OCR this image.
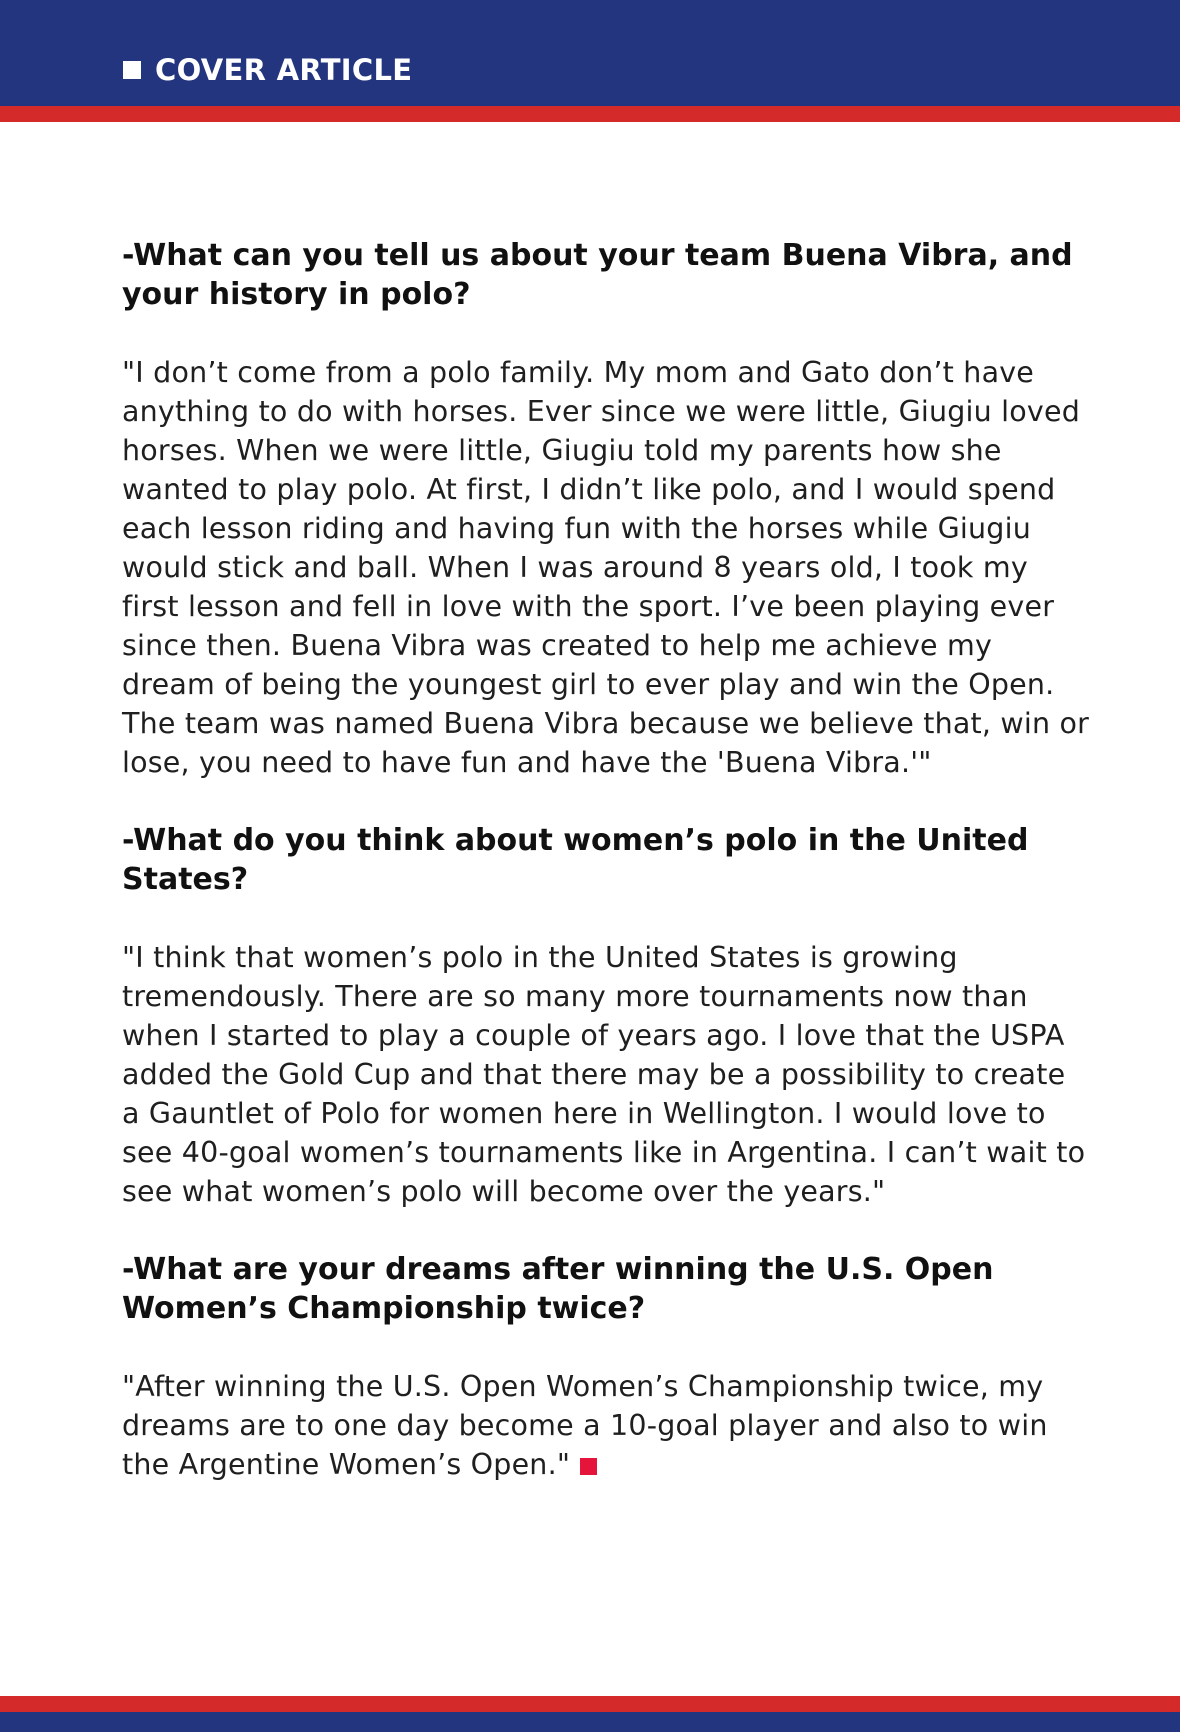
COVER ARTICLE

-What can you tell us about your team Buena Vibra, and your history in polo?

"I don’t come from a polo family. My mom and Gato don’t have anything to do with horses. Ever since we were little, Giugiu loved horses. When we were little, Giugiu told my parents how she wanted to play polo. At first, I didn’t like polo, and I would spend each lesson riding and having fun with the horses while Giugiu would stick and ball. When I was around 8 years old, I took my first lesson and fell in love with the sport. I’ve been playing ever since then. Buena Vibra was created to help me achieve my dream of being the youngest girl to ever play and win the Open. The team was named Buena Vibra because we believe that, win or lose, you need to have fun and have the 'Buena Vibra.'"

-What do you think about women’s polo in the United States?

"I think that women’s polo in the United States is growing tremendously. There are so many more tournaments now than when I started to play a couple of years ago. I love that the USPA added the Gold Cup and that there may be a possibility to create a Gauntlet of Polo for women here in Wellington. I would love to see 40-goal women’s tournaments like in Argentina. I can’t wait to see what women’s polo will become over the years."

-What are your dreams after winning the U.S. Open Women’s Championship twice?

"After winning the U.S. Open Women’s Championship twice, my dreams are to one day become a 10-goal player and also to win the Argentine Women’s Open."
